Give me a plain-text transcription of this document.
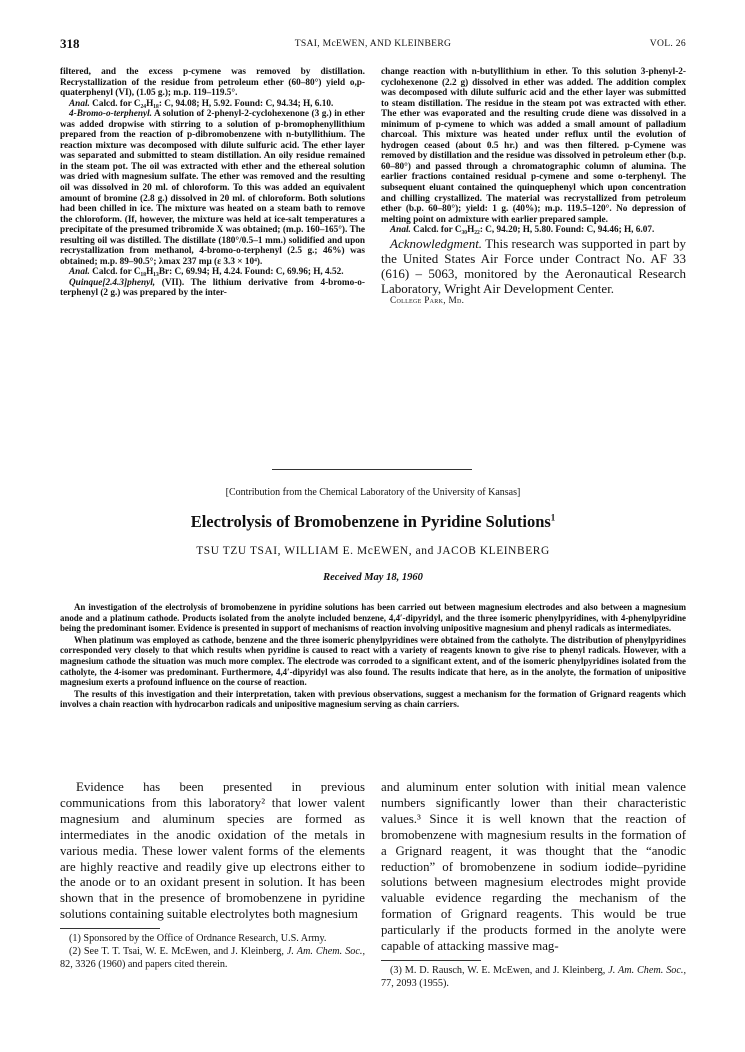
318	TSAI, McEWEN, AND KLEINBERG	VOL. 26

filtered, and the excess p-cymene was removed by distillation. Recrystallization of the residue from petroleum ether (60–80°) yield o,p-quaterphenyl (VI), (1.05 g.); m.p. 119–119.5°.

Anal. Calcd. for C₂₄H₁₈: C, 94.08; H, 5.92. Found: C, 94.34; H, 6.10.

4-Bromo-o-terphenyl. A solution of 2-phenyl-2-cyclohexenone (3 g.) in ether was added dropwise with stirring to a solution of p-bromophenyllithium prepared from the reaction of p-dibromobenzene with n-butyllithium. The reaction mixture was decomposed with dilute sulfuric acid. The ether layer was separated and submitted to steam distillation. An oily residue remained in the steam pot. The oil was extracted with ether and the ethereal solution was dried with magnesium sulfate. The ether was removed and the resulting oil was dissolved in 20 ml. of chloroform. To this was added an equivalent amount of bromine (2.8 g.) dissolved in 20 ml. of chloroform. Both solutions had been chilled in ice. The mixture was heated on a steam bath to remove the chloroform. (If, however, the mixture was held at ice-salt temperatures a precipitate of the presumed tribromide X was obtained; (m.p. 160–165°). The resulting oil was distilled. The distillate (180°/0.5–1 mm.) solidified and upon recrystallization from methanol, 4-bromo-o-terphenyl (2.5 g.; 46%) was obtained; m.p. 89–90.5°; λmax 237 mμ (ε 3.3 × 10⁴).

Anal. Calcd. for C₁₈H₁₃Br: C, 69.94; H, 4.24. Found: C, 69.96; H, 4.52.

Quinque[2.4.3]phenyl, (VII). The lithium derivative from 4-bromo-o-terphenyl (2 g.) was prepared by the inter-

change reaction with n-butyllithium in ether. To this solution 3-phenyl-2-cyclohexenone (2.2 g) dissolved in ether was added. The addition complex was decomposed with dilute sulfuric acid and the ether layer was submitted to steam distillation. The residue in the steam pot was extracted with ether. The ether was evaporated and the resulting crude diene was dissolved in a minimum of p-cymene to which was added a small amount of palladium charcoal. This mixture was heated under reflux until the evolution of hydrogen ceased (about 0.5 hr.) and was then filtered. p-Cymene was removed by distillation and the residue was dissolved in petroleum ether (b.p. 60–80°) and passed through a chromatographic column of alumina. The earlier fractions contained residual p-cymene and some o-terphenyl. The subsequent eluant contained the quinquephenyl which upon concentration and chilling crystallized. The material was recrystallized from petroleum ether (b.p. 60–80°); yield: 1 g. (40%); m.p. 119.5–120°. No depression of melting point on admixture with earlier prepared sample.

Anal. Calcd. for C₃₀H₂₂: C, 94.20; H, 5.80. Found: C, 94.46; H, 6.07.

Acknowledgment. This research was supported in part by the United States Air Force under Contract No. AF 33 (616) – 5063, monitored by the Aeronautical Research Laboratory, Wright Air Development Center.

College Park, Md.

[Contribution from the Chemical Laboratory of the University of Kansas]
Electrolysis of Bromobenzene in Pyridine Solutions$^1$
TSU TZU TSAI, WILLIAM E. McEWEN, and JACOB KLEINBERG
Received May 18, 1960

An investigation of the electrolysis of bromobenzene in pyridine solutions has been carried out between magnesium electrodes and also between a magnesium anode and a platinum cathode. Products isolated from the anolyte included benzene, 4,4′-dipyridyl, and the three isomeric phenylpyridines, with 4-phenylpyridine being the predominant isomer. Evidence is presented in support of mechanisms of reaction involving unipositive magnesium and phenyl radicals as intermediates.

When platinum was employed as cathode, benzene and the three isomeric phenylpyridines were obtained from the catholyte. The distribution of phenylpyridines corresponded very closely to that which results when pyridine is caused to react with a variety of reagents known to give rise to phenyl radicals. However, with a magnesium cathode the situation was much more complex. The electrode was corroded to a significant extent, and of the isomeric phenylpyridines isolated from the catholyte, the 4-isomer was predominant. Furthermore, 4,4′-dipyridyl was also found. The results indicate that here, as in the anolyte, the formation of unipositive magnesium exerts a profound influence on the course of reaction.

The results of this investigation and their interpretation, taken with previous observations, suggest a mechanism for the formation of Grignard reagents which involves a chain reaction with hydrocarbon radicals and unipositive magnesium serving as chain carriers.

Evidence has been presented in previous communications from this laboratory² that lower valent magnesium and aluminum species are formed as intermediates in the anodic oxidation of the metals in various media. These lower valent forms of the elements are highly reactive and readily give up electrons either to the anode or to an oxidant present in solution. It has been shown that in the presence of bromobenzene in pyridine solutions containing suitable electrolytes both magnesium

(1) Sponsored by the Office of Ordnance Research, U.S. Army.

(2) See T. T. Tsai, W. E. McEwen, and J. Kleinberg, J. Am. Chem. Soc., 82, 3326 (1960) and papers cited therein.

and aluminum enter solution with initial mean valence numbers significantly lower than their characteristic values.³ Since it is well known that the reaction of bromobenzene with magnesium results in the formation of a Grignard reagent, it was thought that the “anodic reduction” of bromobenzene in sodium iodide–pyridine solutions between magnesium electrodes might provide valuable evidence regarding the mechanism of the formation of Grignard reagents. This would be true particularly if the products formed in the anolyte were capable of attacking massive mag-

(3) M. D. Rausch, W. E. McEwen, and J. Kleinberg, J. Am. Chem. Soc., 77, 2093 (1955).
